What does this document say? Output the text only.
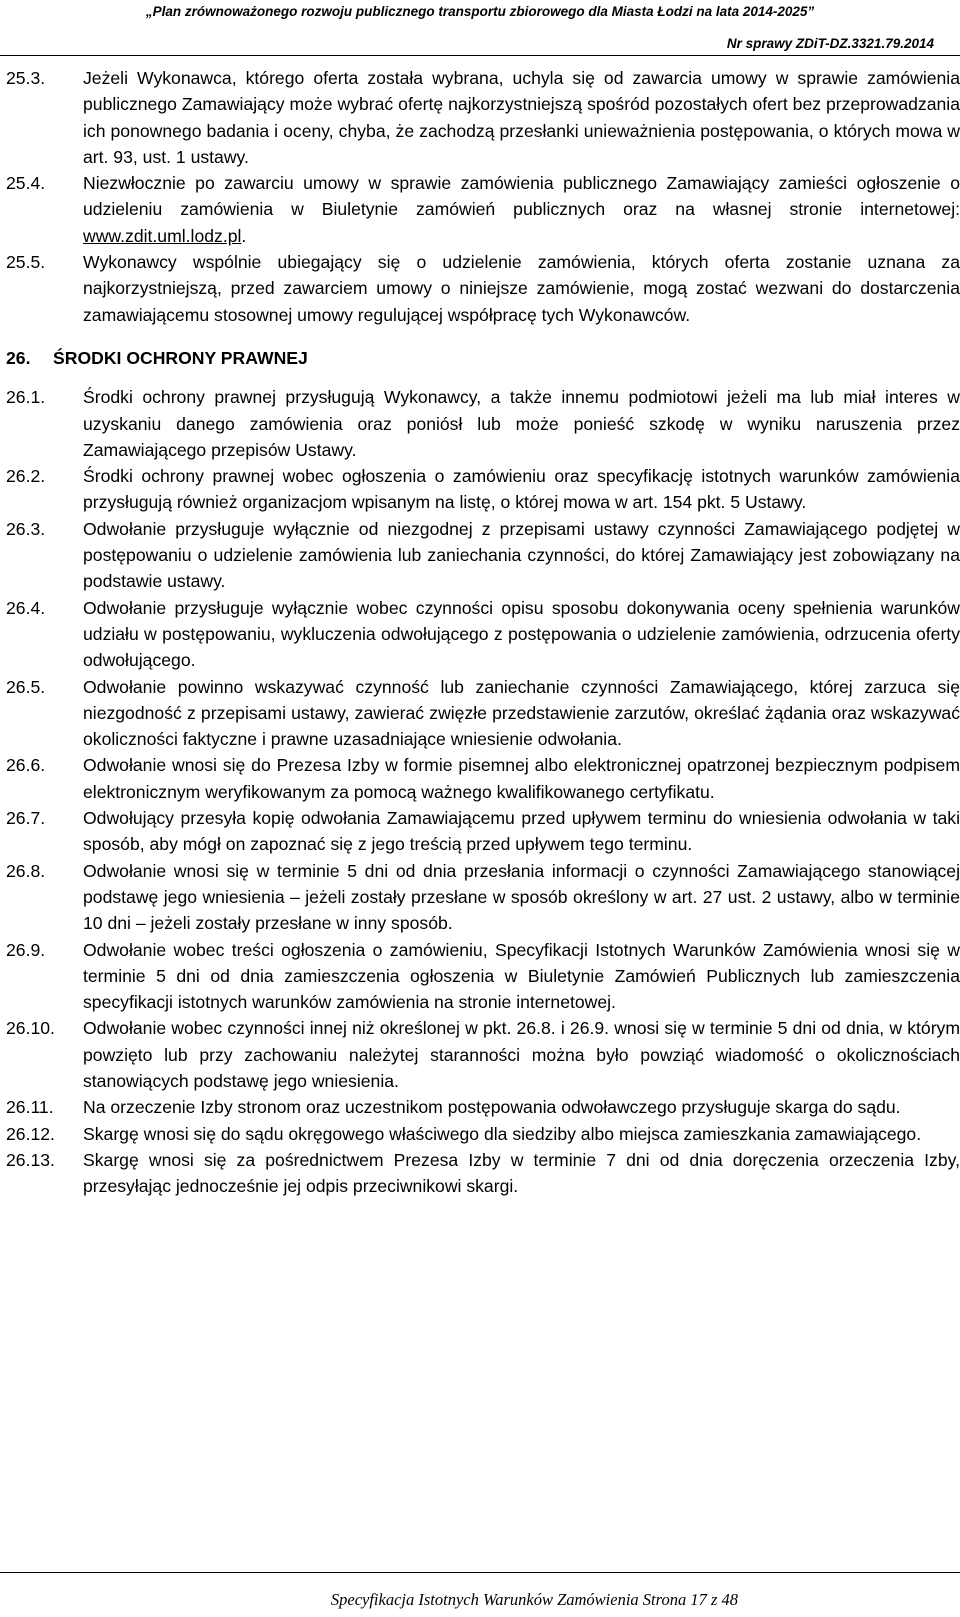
„Plan zrównoważonego rozwoju publicznego transportu zbiorowego dla Miasta Łodzi na lata 2014-2025”
Nr sprawy ZDiT-DZ.3321.79.2014
25.3. Jeżeli Wykonawca, którego oferta została wybrana, uchyla się od zawarcia umowy w sprawie zamówienia publicznego Zamawiający może wybrać ofertę najkorzystniejszą spośród pozostałych ofert bez przeprowadzania ich ponownego badania i oceny, chyba, że zachodzą przesłanki unieważnienia postępowania, o których mowa w art. 93, ust. 1 ustawy.
25.4. Niezwłocznie po zawarciu umowy w sprawie zamówienia publicznego Zamawiający zamieści ogłoszenie o udzieleniu zamówienia w Biuletynie zamówień publicznych oraz na własnej stronie internetowej: www.zdit.uml.lodz.pl.
25.5. Wykonawcy wspólnie ubiegający się o udzielenie zamówienia, których oferta zostanie uznana za najkorzystniejszą, przed zawarciem umowy o niniejsze zamówienie, mogą zostać wezwani do dostarczenia zamawiającemu stosownej umowy regulującej współpracę tych Wykonawców.
26. ŚRODKI OCHRONY PRAWNEJ
26.1. Środki ochrony prawnej przysługują Wykonawcy, a także innemu podmiotowi jeżeli ma lub miał interes w uzyskaniu danego zamówienia oraz poniósł lub może ponieść szkodę w wyniku naruszenia przez Zamawiającego przepisów Ustawy.
26.2. Środki ochrony prawnej wobec ogłoszenia o zamówieniu oraz specyfikację istotnych warunków zamówienia przysługują również organizacjom wpisanym na listę, o której mowa w art. 154 pkt. 5 Ustawy.
26.3. Odwołanie przysługuje wyłącznie od niezgodnej z przepisami ustawy czynności Zamawiającego podjętej w postępowaniu o udzielenie zamówienia lub zaniechania czynności, do której Zamawiający jest zobowiązany na podstawie ustawy.
26.4. Odwołanie przysługuje wyłącznie wobec czynności opisu sposobu dokonywania oceny spełnienia warunków udziału w postępowaniu, wykluczenia odwołującego z postępowania o udzielenie zamówienia, odrzucenia oferty odwołującego.
26.5. Odwołanie powinno wskazywać czynność lub zaniechanie czynności Zamawiającego, której zarzuca się niezgodność z przepisami ustawy, zawierać zwięzłe przedstawienie zarzutów, określać żądania oraz wskazywać okoliczności faktyczne i prawne uzasadniające wniesienie odwołania.
26.6. Odwołanie wnosi się do Prezesa Izby w formie pisemnej albo elektronicznej opatrzonej bezpiecznym podpisem elektronicznym weryfikowanym za pomocą ważnego kwalifikowanego certyfikatu.
26.7. Odwołujący przesyła kopię odwołania Zamawiającemu przed upływem terminu do wniesienia odwołania w taki sposób, aby mógł on zapoznać się z jego treścią przed upływem tego terminu.
26.8. Odwołanie wnosi się w terminie 5 dni od dnia przesłania informacji o czynności Zamawiającego stanowiącej podstawę jego wniesienia – jeżeli zostały przesłane w sposób określony w art. 27 ust. 2 ustawy, albo w terminie 10 dni – jeżeli zostały przesłane w inny sposób.
26.9. Odwołanie wobec treści ogłoszenia o zamówieniu, Specyfikacji Istotnych Warunków Zamówienia wnosi się w terminie 5 dni od dnia zamieszczenia ogłoszenia w Biuletynie Zamówień Publicznych lub zamieszczenia specyfikacji istotnych warunków zamówienia na stronie internetowej.
26.10. Odwołanie wobec czynności innej niż określonej w pkt. 26.8. i 26.9. wnosi się w terminie 5 dni od dnia, w którym powzięto lub przy zachowaniu należytej staranności można było powziąć wiadomość o okolicznościach stanowiących podstawę jego wniesienia.
26.11. Na orzeczenie Izby stronom oraz uczestnikom postępowania odwoławczego przysługuje skarga do sądu.
26.12. Skargę wnosi się do sądu okręgowego właściwego dla siedziby albo miejsca zamieszkania zamawiającego.
26.13. Skargę wnosi się za pośrednictwem Prezesa Izby w terminie 7 dni od dnia doręczenia orzeczenia Izby, przesyłając jednocześnie jej odpis przeciwnikowi skargi.
Specyfikacja Istotnych Warunków Zamówienia Strona 17 z 48
